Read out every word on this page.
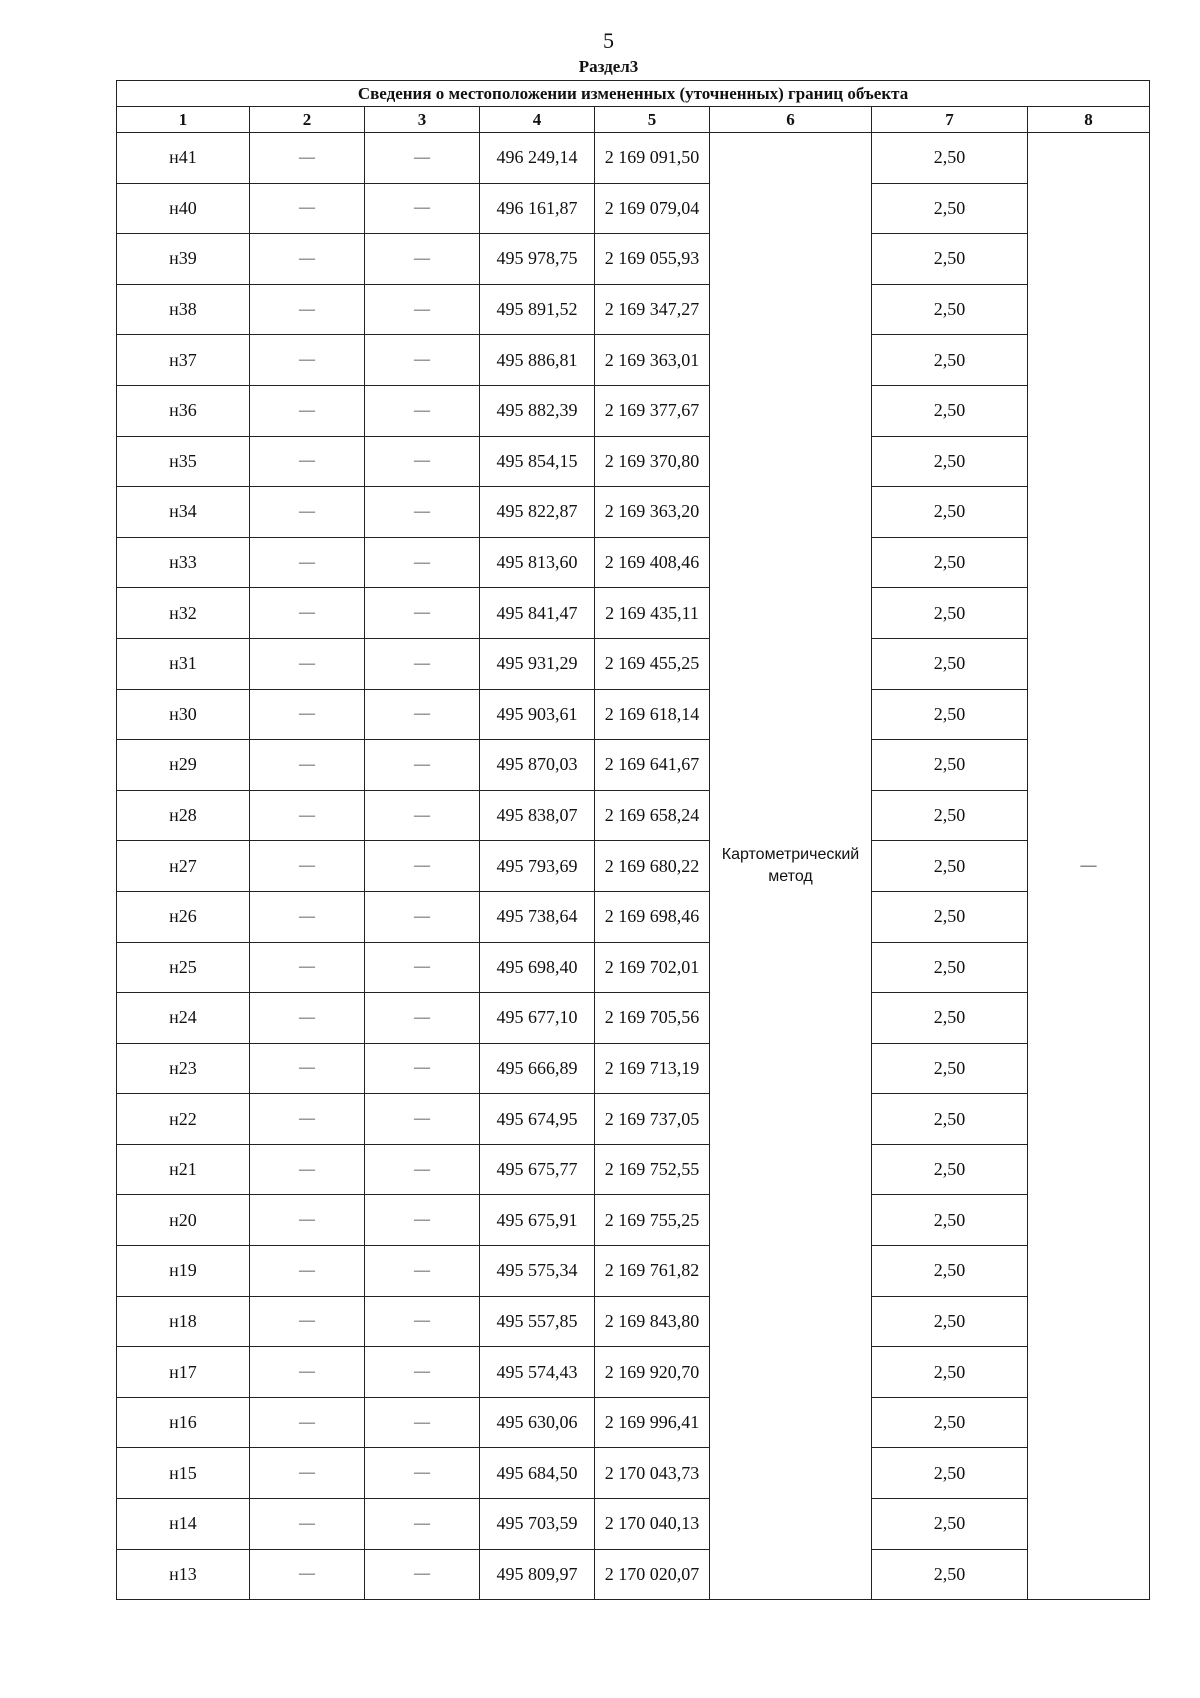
5
Раздел3
Сведения о местоположении измененных (уточненных) границ объекта							
1	2	3	4	5	6	7	8
н41	—	—	496 249,14	2 169 091,50	Картометрический метод	2,50	—
н40	—	—	496 161,87	2 169 079,04		2,50	
н39	—	—	495 978,75	2 169 055,93		2,50	
н38	—	—	495 891,52	2 169 347,27		2,50	
н37	—	—	495 886,81	2 169 363,01		2,50	
н36	—	—	495 882,39	2 169 377,67		2,50	
н35	—	—	495 854,15	2 169 370,80		2,50	
н34	—	—	495 822,87	2 169 363,20		2,50	
н33	—	—	495 813,60	2 169 408,46		2,50	
н32	—	—	495 841,47	2 169 435,11		2,50	
н31	—	—	495 931,29	2 169 455,25		2,50	
н30	—	—	495 903,61	2 169 618,14		2,50	
н29	—	—	495 870,03	2 169 641,67		2,50	
н28	—	—	495 838,07	2 169 658,24		2,50	
н27	—	—	495 793,69	2 169 680,22		2,50	
н26	—	—	495 738,64	2 169 698,46		2,50	
н25	—	—	495 698,40	2 169 702,01		2,50	
н24	—	—	495 677,10	2 169 705,56		2,50	
н23	—	—	495 666,89	2 169 713,19		2,50	
н22	—	—	495 674,95	2 169 737,05		2,50	
н21	—	—	495 675,77	2 169 752,55		2,50	
н20	—	—	495 675,91	2 169 755,25		2,50	
н19	—	—	495 575,34	2 169 761,82		2,50	
н18	—	—	495 557,85	2 169 843,80		2,50	
н17	—	—	495 574,43	2 169 920,70		2,50	
н16	—	—	495 630,06	2 169 996,41		2,50	
н15	—	—	495 684,50	2 170 043,73		2,50	
н14	—	—	495 703,59	2 170 040,13		2,50	
н13	—	—	495 809,97	2 170 020,07		2,50	
